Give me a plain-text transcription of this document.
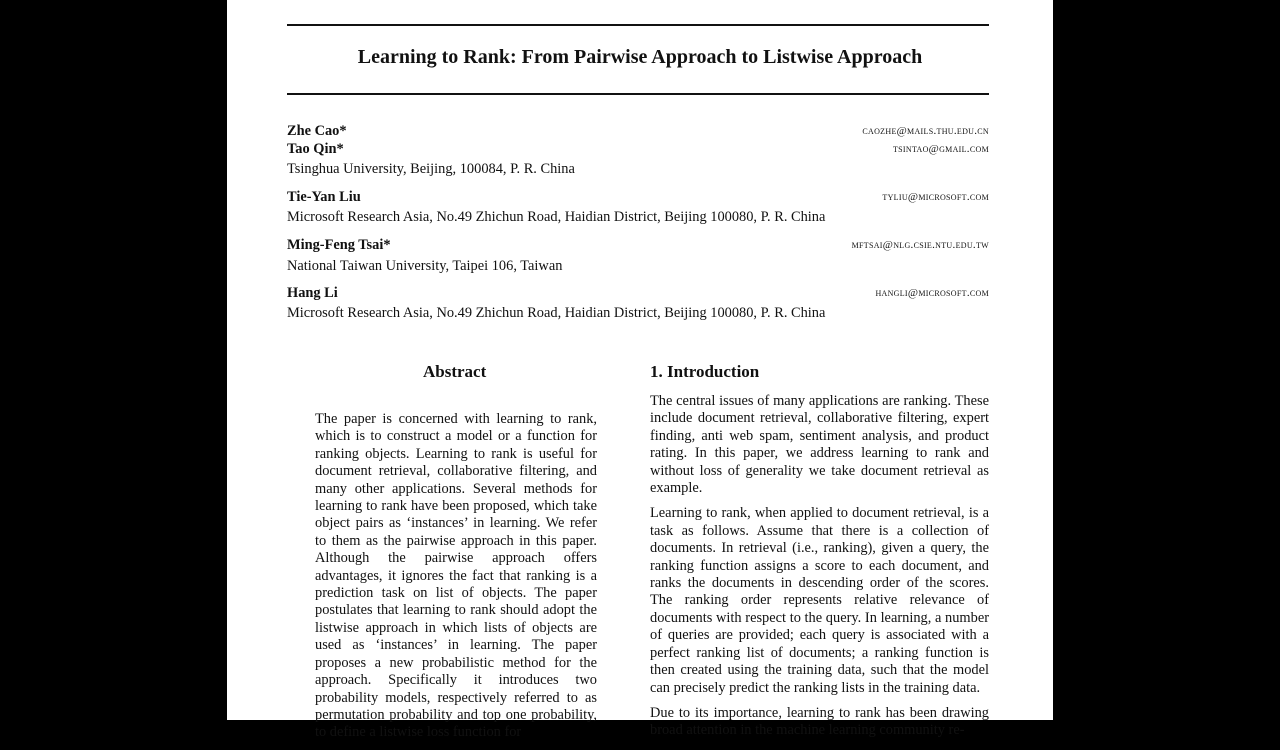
Learning to Rank: From Pairwise Approach to Listwise Approach
Zhe Cao*	caozhe@mails.thu.edu.cn
Tao Qin*	tsintao@gmail.com
Tsinghua University, Beijing, 100084, P. R. China
Tie-Yan Liu	tyliu@microsoft.com
Microsoft Research Asia, No.49 Zhichun Road, Haidian District, Beijing 100080, P. R. China
Ming-Feng Tsai*	mftsai@nlg.csie.ntu.edu.tw
National Taiwan University, Taipei 106, Taiwan
Hang Li	hangli@microsoft.com
Microsoft Research Asia, No.49 Zhichun Road, Haidian District, Beijing 100080, P. R. China
Abstract

The paper is concerned with learning to rank, which is to construct a model or a function for ranking objects. Learning to rank is useful for document retrieval, collaborative filtering, and many other applications. Several methods for learning to rank have been proposed, which take object pairs as ‘instances’ in learning. We refer to them as the pairwise approach in this paper. Although the pairwise approach offers advantages, it ignores the fact that ranking is a prediction task on list of objects. The paper postulates that learning to rank should adopt the listwise approach in which lists of objects are used as ‘instances’ in learning. The paper proposes a new probabilistic method for the approach. Specifically it introduces two probability models, respectively referred to as permutation probability and top one probability, to define a listwise loss function for

1. Introduction

The central issues of many applications are ranking. These include document retrieval, collaborative filtering, expert finding, anti web spam, sentiment analysis, and product rating. In this paper, we address learning to rank and without loss of generality we take document retrieval as example.

Learning to rank, when applied to document retrieval, is a task as follows. Assume that there is a collection of documents. In retrieval (i.e., ranking), given a query, the ranking function assigns a score to each document, and ranks the documents in descending order of the scores. The ranking order represents relative relevance of documents with respect to the query. In learning, a number of queries are provided; each query is associated with a perfect ranking list of documents; a ranking function is then created using the training data, such that the model can precisely predict the ranking lists in the training data.

Due to its importance, learning to rank has been drawing broad attention in the machine learning community re-
